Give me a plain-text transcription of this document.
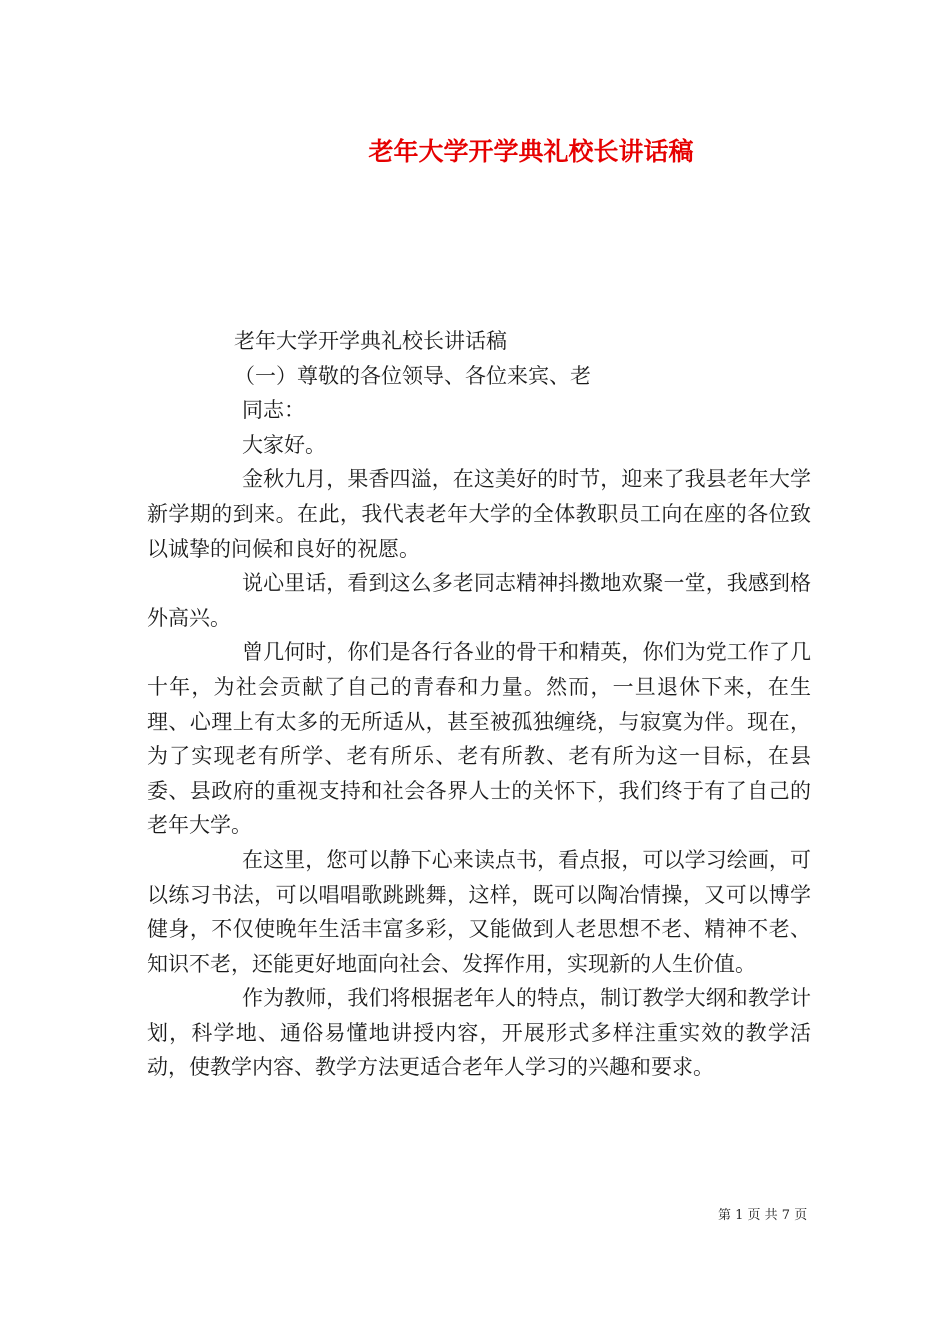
老年大学开学典礼校长讲话稿
老年大学开学典礼校长讲话稿
（一）尊敬的各位领导、各位来宾、老
同志：
大家好。

金秋九月，果香四溢，在这美好的时节，迎来了我县老年大学新学期的到来。在此，我代表老年大学的全体教职员工向在座的各位致以诚挚的问候和良好的祝愿。

说心里话，看到这么多老同志精神抖擞地欢聚一堂，我感到格外高兴。

曾几何时，你们是各行各业的骨干和精英，你们为党工作了几十年，为社会贡献了自己的青春和力量。然而，一旦退休下来，在生理、心理上有太多的无所适从，甚至被孤独缠绕，与寂寞为伴。现在，为了实现老有所学、老有所乐、老有所教、老有所为这一目标，在县委、县政府的重视支持和社会各界人士的关怀下，我们终于有了自己的老年大学。

在这里，您可以静下心来读点书，看点报，可以学习绘画，可以练习书法，可以唱唱歌跳跳舞，这样，既可以陶冶情操，又可以博学健身，不仅使晚年生活丰富多彩，又能做到人老思想不老、精神不老、知识不老，还能更好地面向社会、发挥作用，实现新的人生价值。

作为教师，我们将根据老年人的特点，制订教学大纲和教学计划，科学地、通俗易懂地讲授内容，开展形式多样注重实效的教学活动，使教学内容、教学方法更适合老年人学习的兴趣和要求。

第 1 页 共 7 页
